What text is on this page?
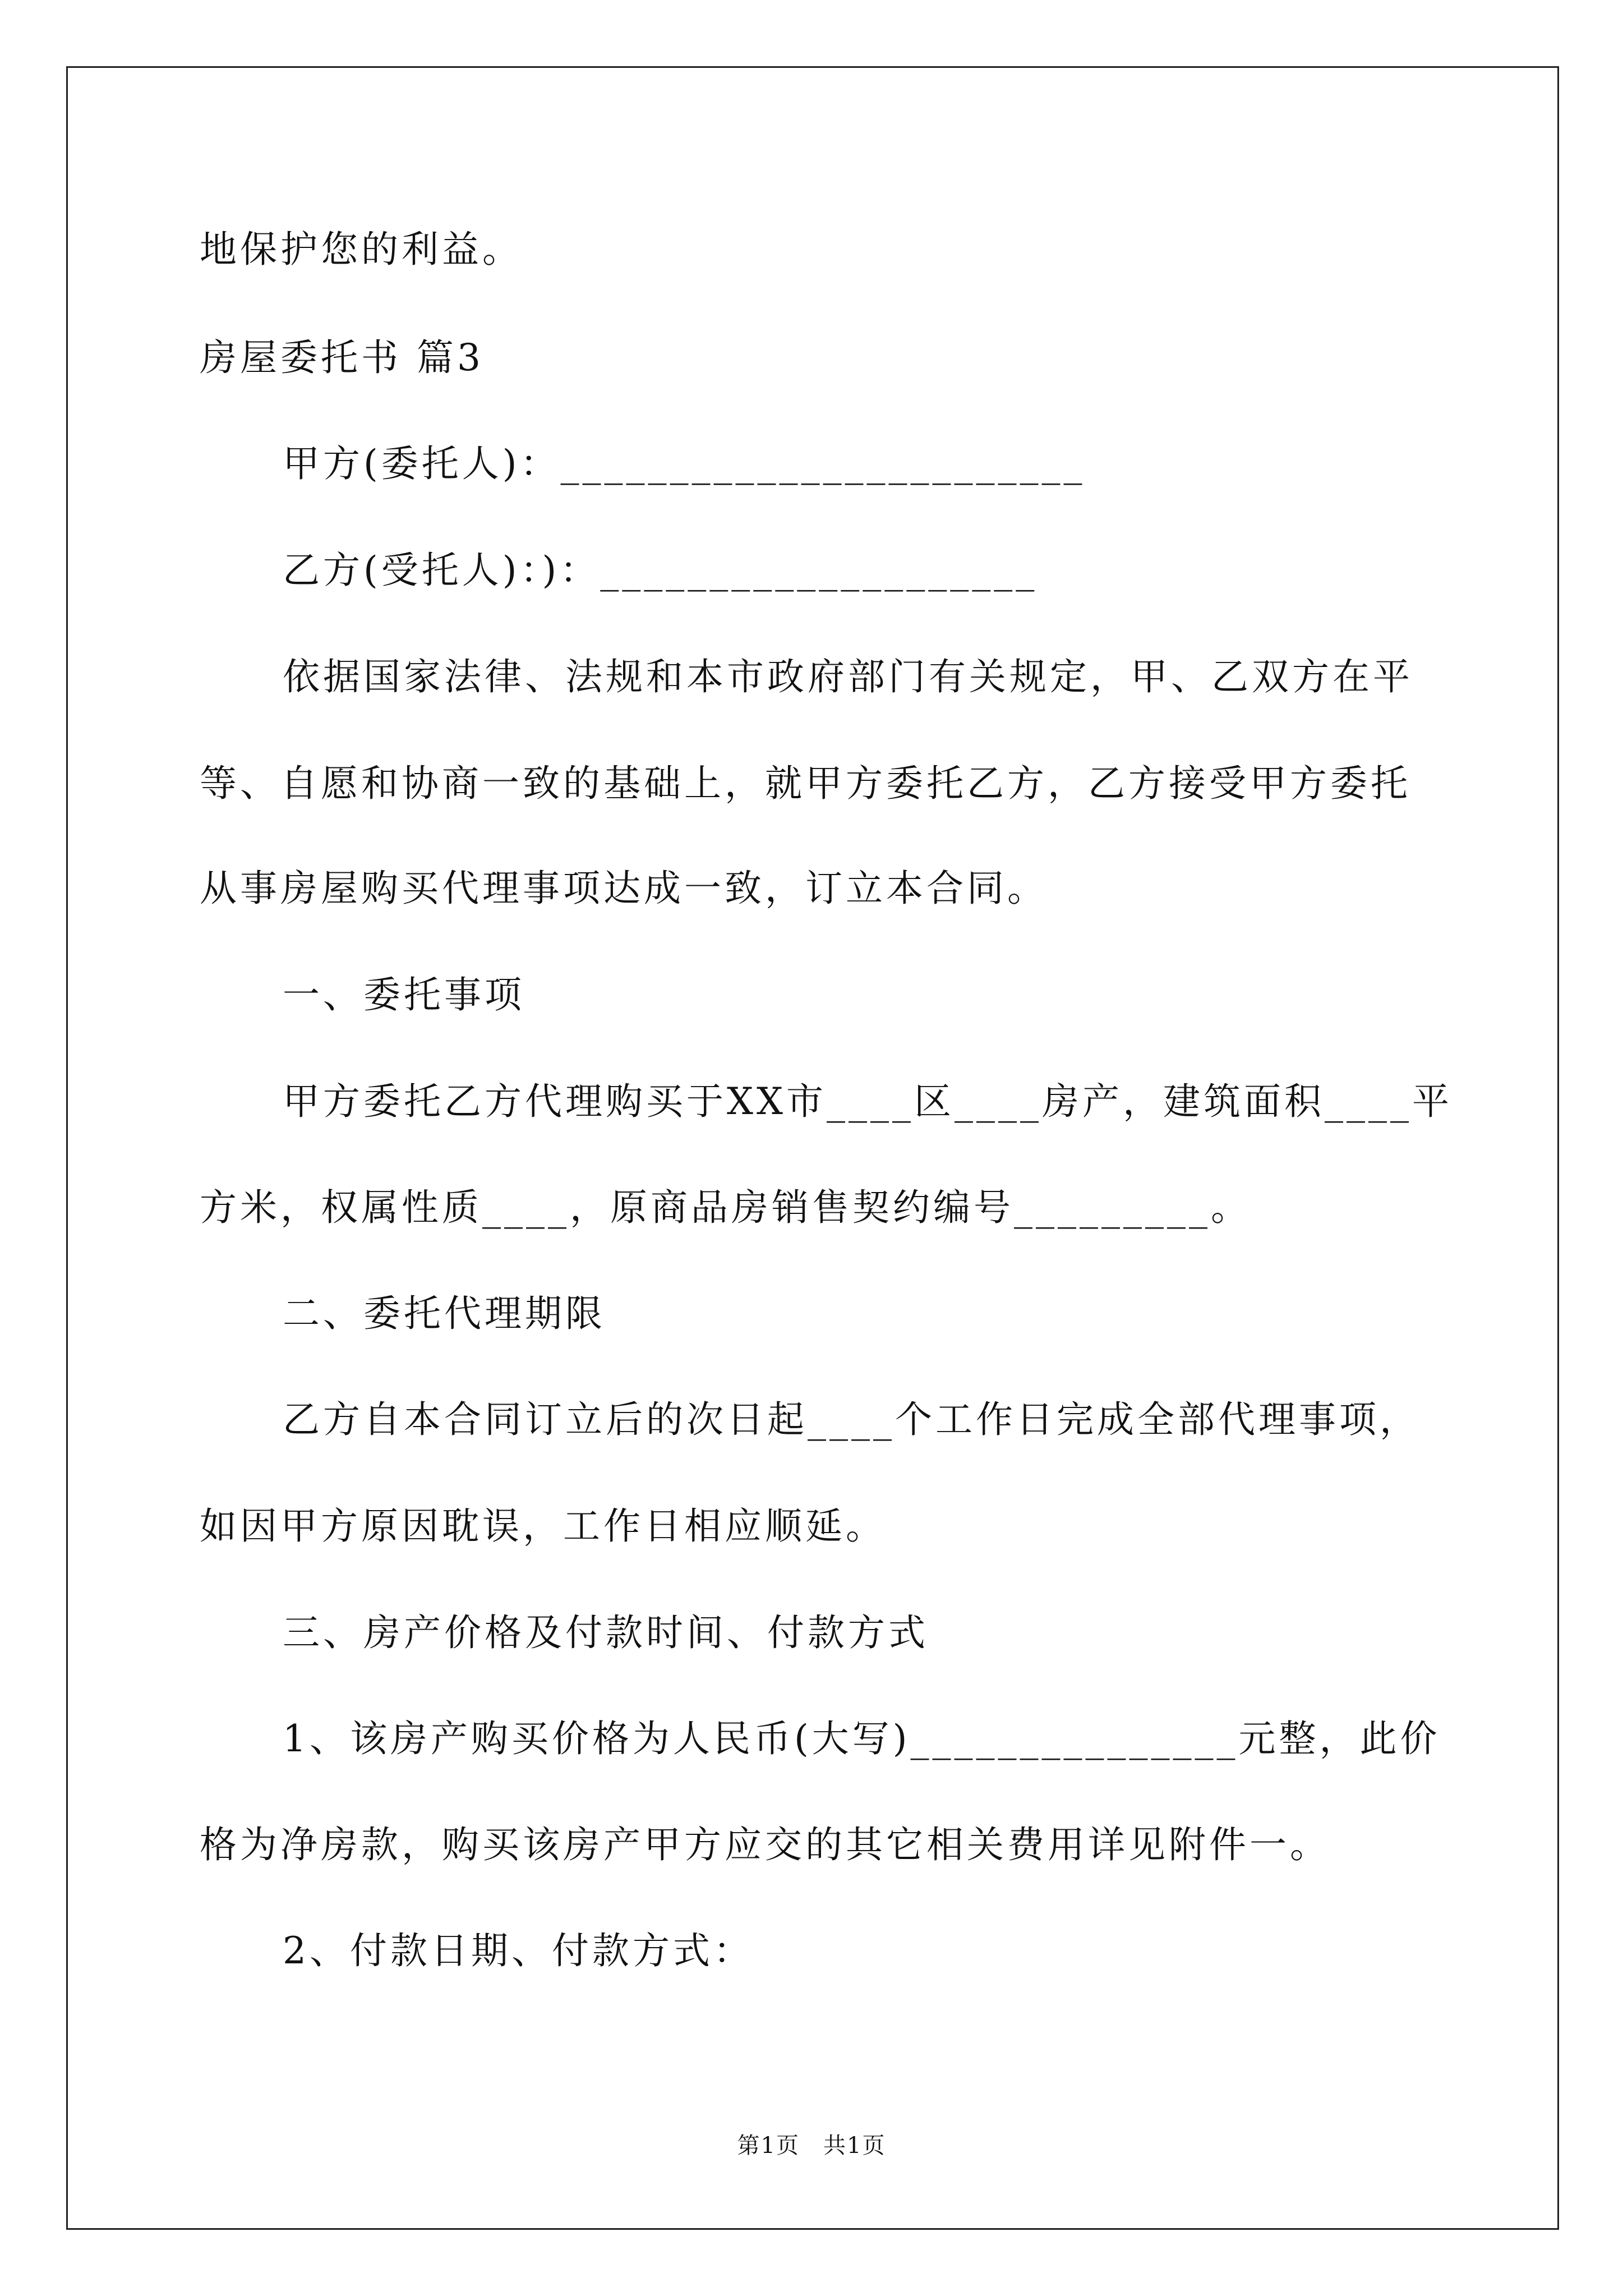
地保护您的利益。
房屋委托书 篇3
甲方(委托人)：________________________
乙方(受托人)：)：____________________
依据国家法律、法规和本市政府部门有关规定，甲、乙双方在平
等、自愿和协商一致的基础上，就甲方委托乙方，乙方接受甲方委托
从事房屋购买代理事项达成一致，订立本合同。
一、委托事项
甲方委托乙方代理购买于XX市____区____房产，建筑面积____平
方米，权属性质____，原商品房销售契约编号_________。
二、委托代理期限
乙方自本合同订立后的次日起____个工作日完成全部代理事项，
如因甲方原因耽误，工作日相应顺延。
三、房产价格及付款时间、付款方式
1、该房产购买价格为人民币(大写)_______________元整，此价
格为净房款，购买该房产甲方应交的其它相关费用详见附件一。
2、付款日期、付款方式：
第1页　共1页
